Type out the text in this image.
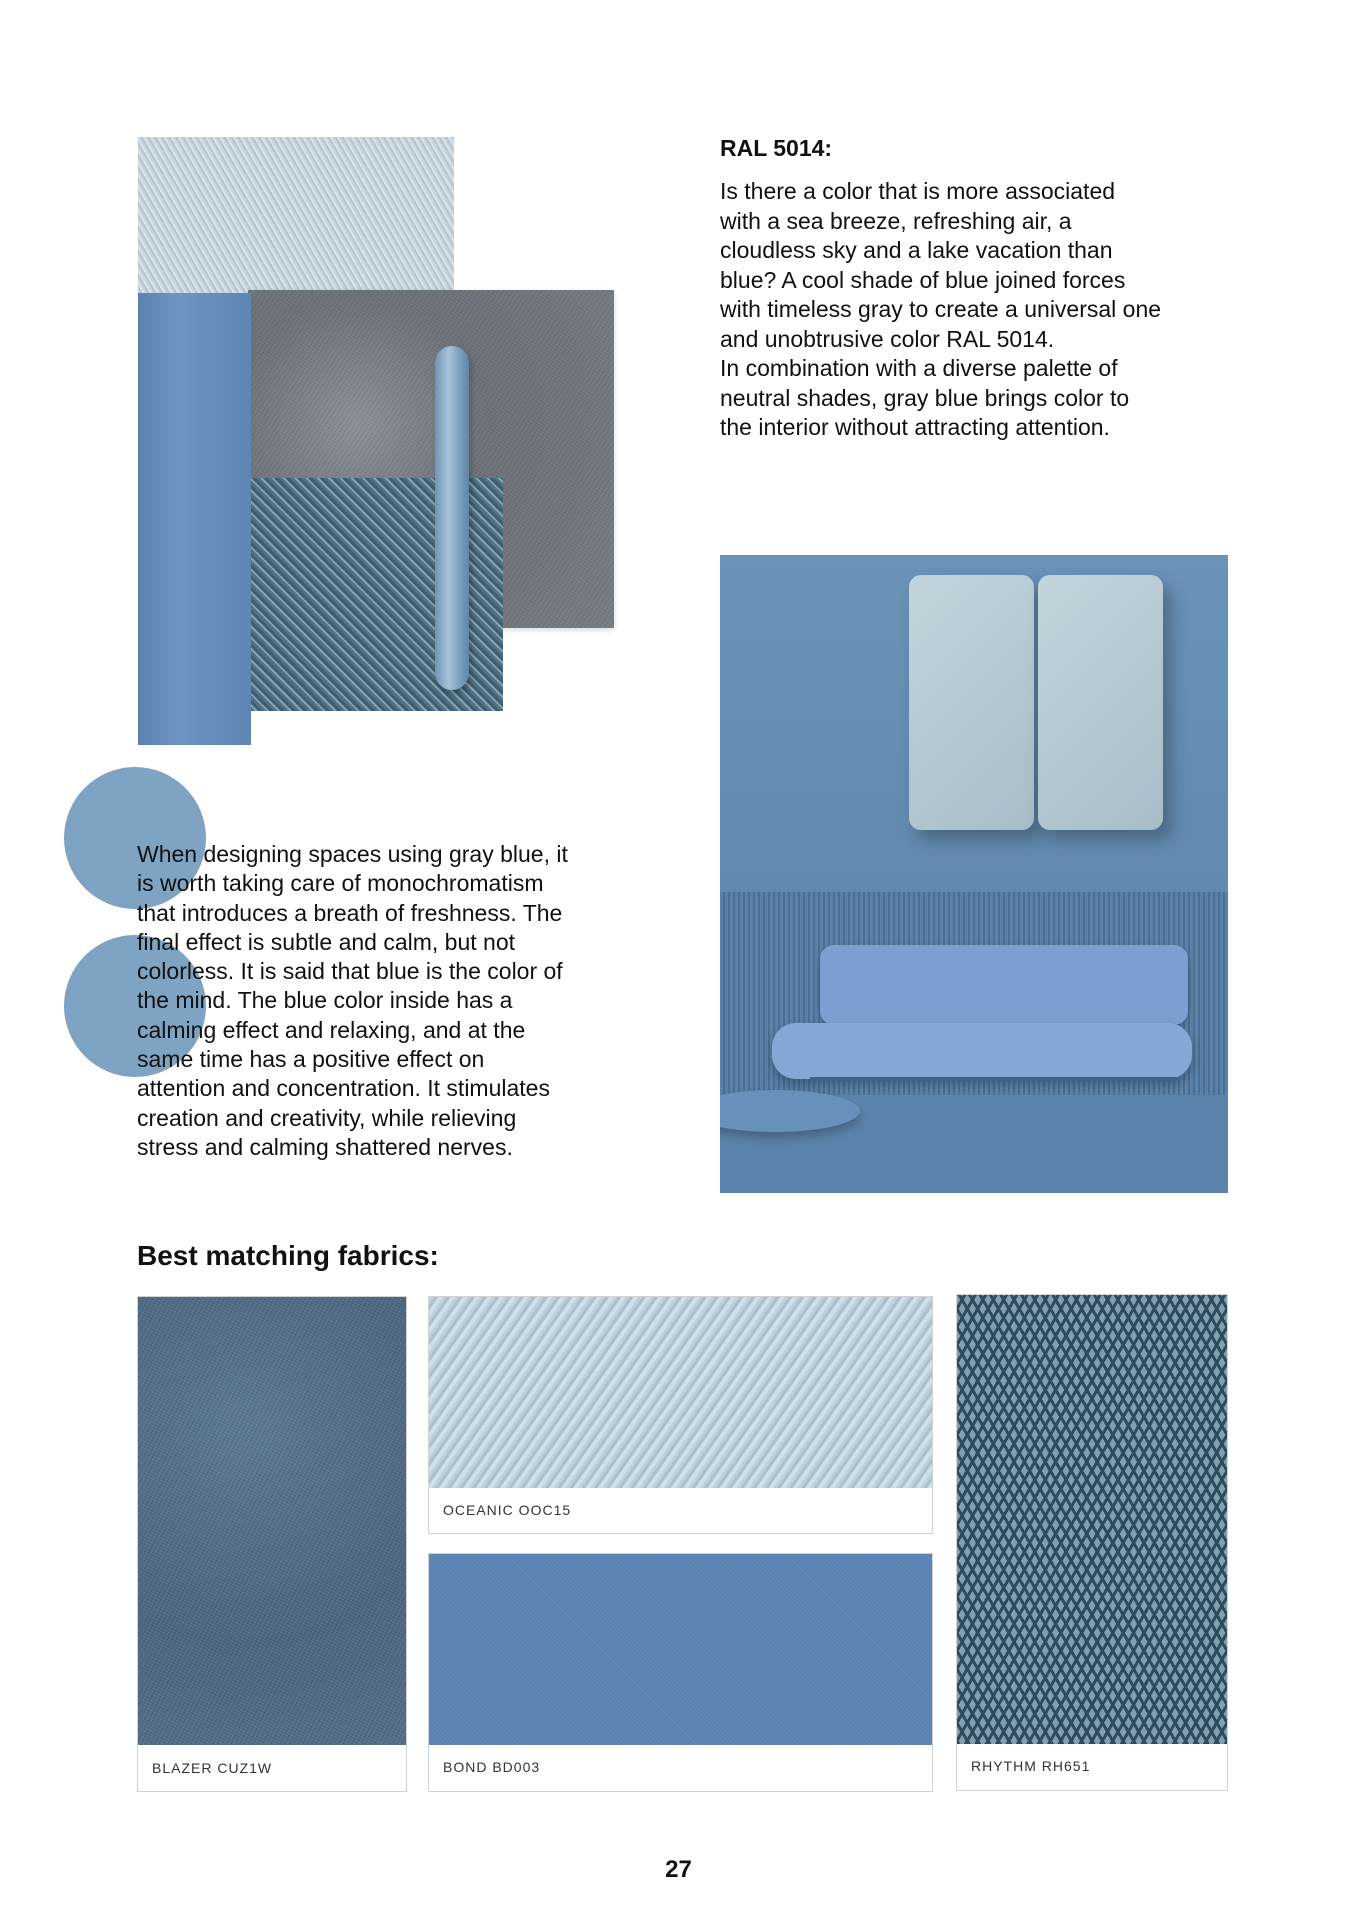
RAL 5014:
Is there a color that is more associated
with a sea breeze, refreshing air, a
cloudless sky and a lake vacation than
blue? A cool shade of blue joined forces
with timeless gray to create a universal one
and unobtrusive color RAL 5014.
In combination with a diverse palette of
neutral shades, gray blue brings color to
the interior without attracting attention.
When designing spaces using gray blue, it
is worth taking care of monochromatism
that introduces a breath of freshness. The
final effect is subtle and calm, but not
colorless. It is said that blue is the color of
the mind. The blue color inside has a
calming effect and relaxing, and at the
same time has a positive effect on
attention and concentration. It stimulates
creation and creativity, while relieving
stress and calming shattered nerves.
Best matching fabrics:
BLAZER CUZ1W
OCEANIC OOC15
BOND BD003	RHYTHM RH651
27
